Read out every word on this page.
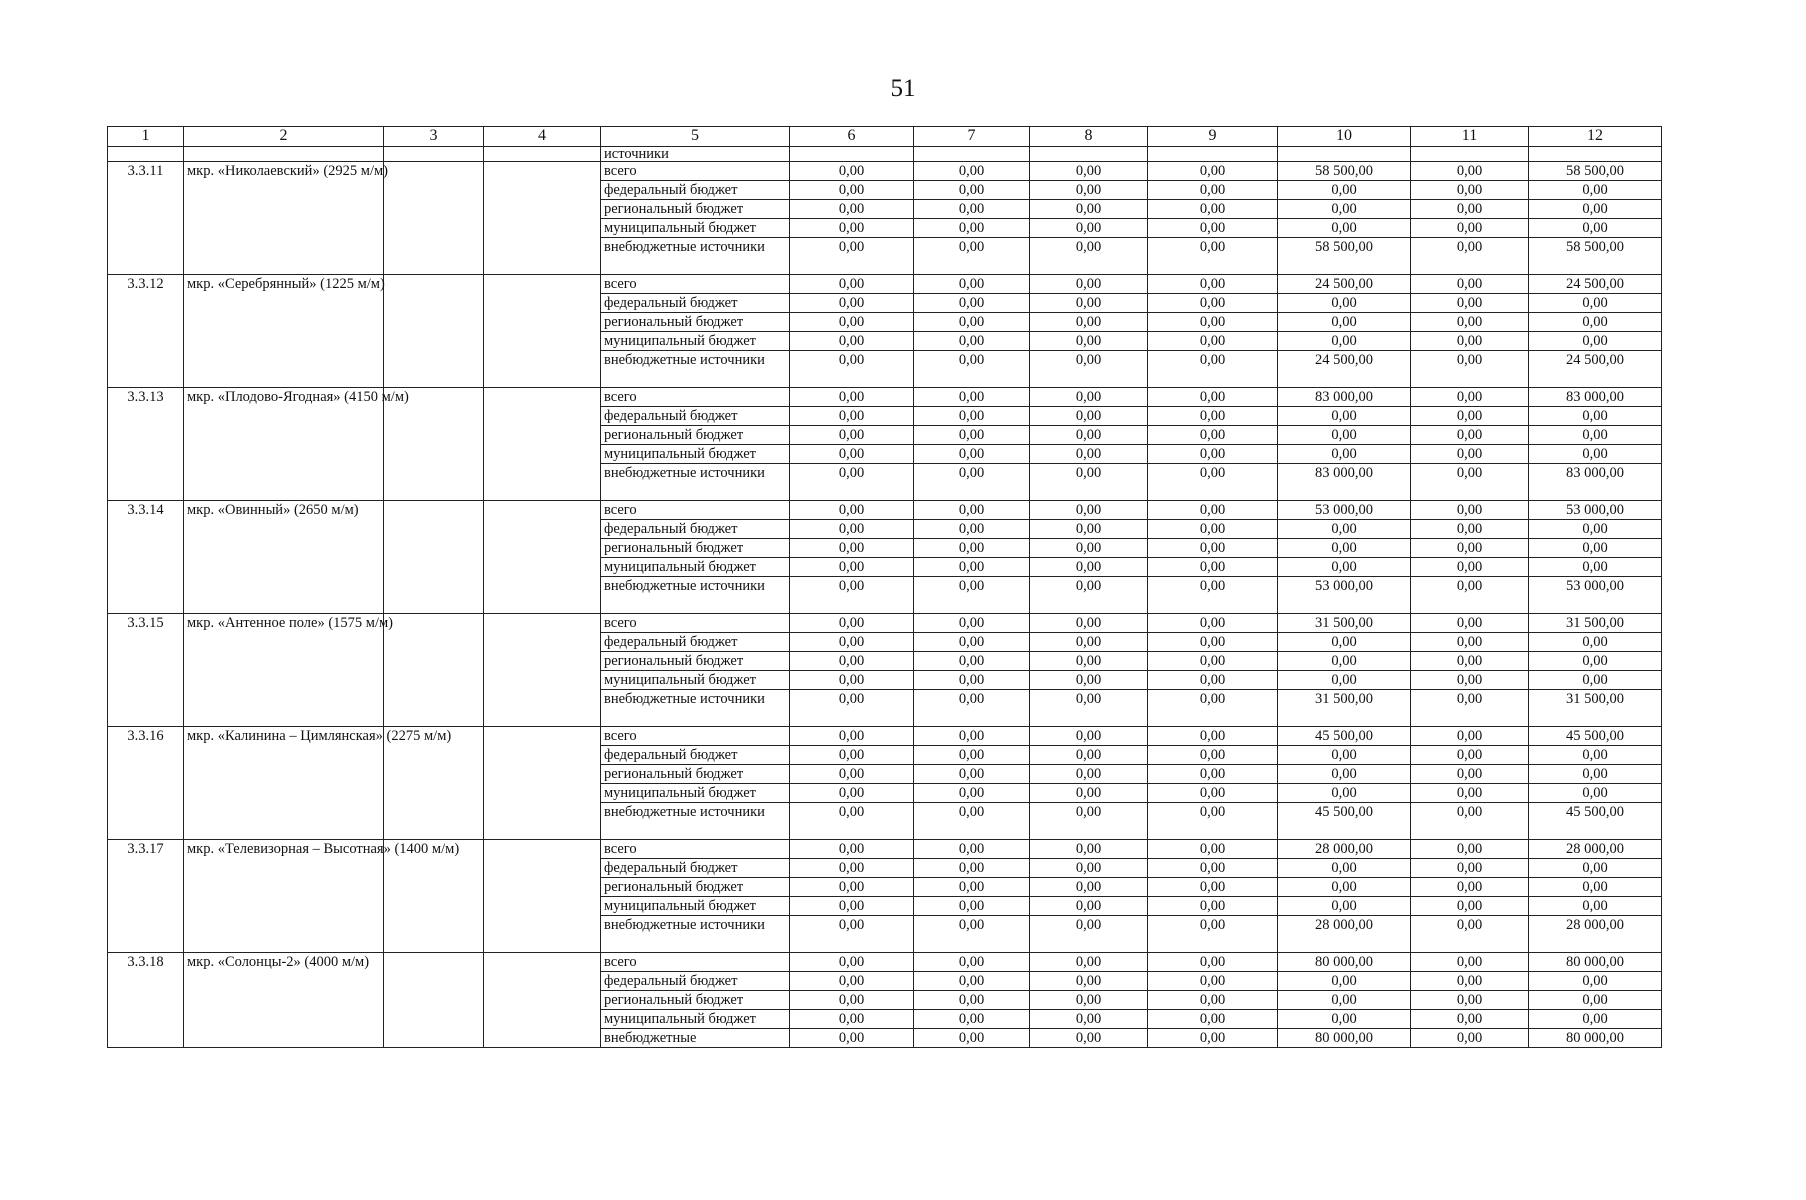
51
1	2	3	4	5	6	7	8	9	10	11	12
				источники							
3.3.11	мкр. «Николаевский» (2925 м/м)			всего	0,00	0,00	0,00	0,00	58 500,00	0,00	58 500,00
				федеральный бюджет	0,00	0,00	0,00	0,00	0,00	0,00	0,00
				региональный бюджет	0,00	0,00	0,00	0,00	0,00	0,00	0,00
				муниципальный бюджет	0,00	0,00	0,00	0,00	0,00	0,00	0,00
				внебюджетные источники	0,00	0,00	0,00	0,00	58 500,00	0,00	58 500,00
3.3.12	мкр. «Серебрянный» (1225 м/м)			всего	0,00	0,00	0,00	0,00	24 500,00	0,00	24 500,00
				федеральный бюджет	0,00	0,00	0,00	0,00	0,00	0,00	0,00
				региональный бюджет	0,00	0,00	0,00	0,00	0,00	0,00	0,00
				муниципальный бюджет	0,00	0,00	0,00	0,00	0,00	0,00	0,00
				внебюджетные источники	0,00	0,00	0,00	0,00	24 500,00	0,00	24 500,00
3.3.13	мкр. «Плодово-Ягодная» (4150 м/м)			всего	0,00	0,00	0,00	0,00	83 000,00	0,00	83 000,00
				федеральный бюджет	0,00	0,00	0,00	0,00	0,00	0,00	0,00
				региональный бюджет	0,00	0,00	0,00	0,00	0,00	0,00	0,00
				муниципальный бюджет	0,00	0,00	0,00	0,00	0,00	0,00	0,00
				внебюджетные источники	0,00	0,00	0,00	0,00	83 000,00	0,00	83 000,00
3.3.14	мкр. «Овинный» (2650 м/м)			всего	0,00	0,00	0,00	0,00	53 000,00	0,00	53 000,00
				федеральный бюджет	0,00	0,00	0,00	0,00	0,00	0,00	0,00
				региональный бюджет	0,00	0,00	0,00	0,00	0,00	0,00	0,00
				муниципальный бюджет	0,00	0,00	0,00	0,00	0,00	0,00	0,00
				внебюджетные источники	0,00	0,00	0,00	0,00	53 000,00	0,00	53 000,00
3.3.15	мкр. «Антенное поле» (1575 м/м)			всего	0,00	0,00	0,00	0,00	31 500,00	0,00	31 500,00
				федеральный бюджет	0,00	0,00	0,00	0,00	0,00	0,00	0,00
				региональный бюджет	0,00	0,00	0,00	0,00	0,00	0,00	0,00
				муниципальный бюджет	0,00	0,00	0,00	0,00	0,00	0,00	0,00
				внебюджетные источники	0,00	0,00	0,00	0,00	31 500,00	0,00	31 500,00
3.3.16	мкр. «Калинина – Цимлянская» (2275 м/м)			всего	0,00	0,00	0,00	0,00	45 500,00	0,00	45 500,00
				федеральный бюджет	0,00	0,00	0,00	0,00	0,00	0,00	0,00
				региональный бюджет	0,00	0,00	0,00	0,00	0,00	0,00	0,00
				муниципальный бюджет	0,00	0,00	0,00	0,00	0,00	0,00	0,00
				внебюджетные источники	0,00	0,00	0,00	0,00	45 500,00	0,00	45 500,00
3.3.17	мкр. «Телевизорная – Высотная» (1400 м/м)			всего	0,00	0,00	0,00	0,00	28 000,00	0,00	28 000,00
				федеральный бюджет	0,00	0,00	0,00	0,00	0,00	0,00	0,00
				региональный бюджет	0,00	0,00	0,00	0,00	0,00	0,00	0,00
				муниципальный бюджет	0,00	0,00	0,00	0,00	0,00	0,00	0,00
				внебюджетные источники	0,00	0,00	0,00	0,00	28 000,00	0,00	28 000,00
3.3.18	мкр. «Солонцы-2» (4000 м/м)			всего	0,00	0,00	0,00	0,00	80 000,00	0,00	80 000,00
				федеральный бюджет	0,00	0,00	0,00	0,00	0,00	0,00	0,00
				региональный бюджет	0,00	0,00	0,00	0,00	0,00	0,00	0,00
				муниципальный бюджет	0,00	0,00	0,00	0,00	0,00	0,00	0,00
				внебюджетные	0,00	0,00	0,00	0,00	80 000,00	0,00	80 000,00
